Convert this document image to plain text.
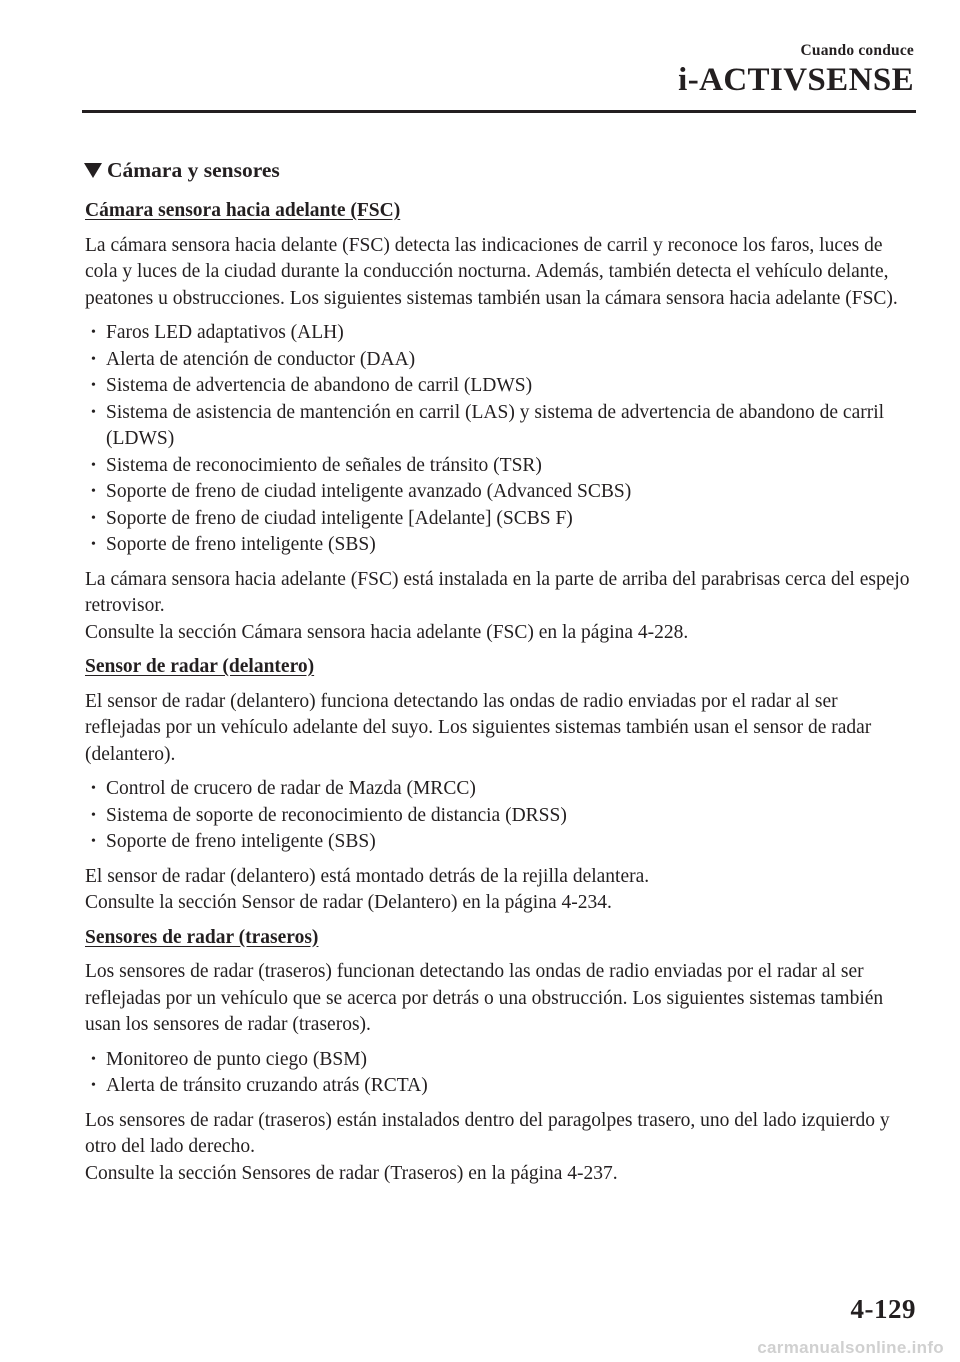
Cuando conduce
i-ACTIVSENSE
Cámara y sensores
Cámara sensora hacia adelante (FSC)
La cámara sensora hacia delante (FSC) detecta las indicaciones de carril y reconoce los faros, luces de cola y luces de la ciudad durante la conducción nocturna. Además, también detecta el vehículo delante, peatones u obstrucciones. Los siguientes sistemas también usan la cámara sensora hacia adelante (FSC).
• Faros LED adaptativos (ALH)
• Alerta de atención de conductor (DAA)
• Sistema de advertencia de abandono de carril (LDWS)
• Sistema de asistencia de mantención en carril (LAS) y sistema de advertencia de abandono de carril (LDWS)
• Sistema de reconocimiento de señales de tránsito (TSR)
• Soporte de freno de ciudad inteligente avanzado (Advanced SCBS)
• Soporte de freno de ciudad inteligente [Adelante] (SCBS F)
• Soporte de freno inteligente (SBS)
La cámara sensora hacia adelante (FSC) está instalada en la parte de arriba del parabrisas cerca del espejo retrovisor.
Consulte la sección Cámara sensora hacia adelante (FSC) en la página 4-228.
Sensor de radar (delantero)
El sensor de radar (delantero) funciona detectando las ondas de radio enviadas por el radar al ser reflejadas por un vehículo adelante del suyo. Los siguientes sistemas también usan el sensor de radar (delantero).
• Control de crucero de radar de Mazda (MRCC)
• Sistema de soporte de reconocimiento de distancia (DRSS)
• Soporte de freno inteligente (SBS)
El sensor de radar (delantero) está montado detrás de la rejilla delantera.
Consulte la sección Sensor de radar (Delantero) en la página 4-234.
Sensores de radar (traseros)
Los sensores de radar (traseros) funcionan detectando las ondas de radio enviadas por el radar al ser reflejadas por un vehículo que se acerca por detrás o una obstrucción. Los siguientes sistemas también usan los sensores de radar (traseros).
• Monitoreo de punto ciego (BSM)
• Alerta de tránsito cruzando atrás (RCTA)
Los sensores de radar (traseros) están instalados dentro del paragolpes trasero, uno del lado izquierdo y otro del lado derecho.
Consulte la sección Sensores de radar (Traseros) en la página 4-237.
4-129
carmanualsonline.info
